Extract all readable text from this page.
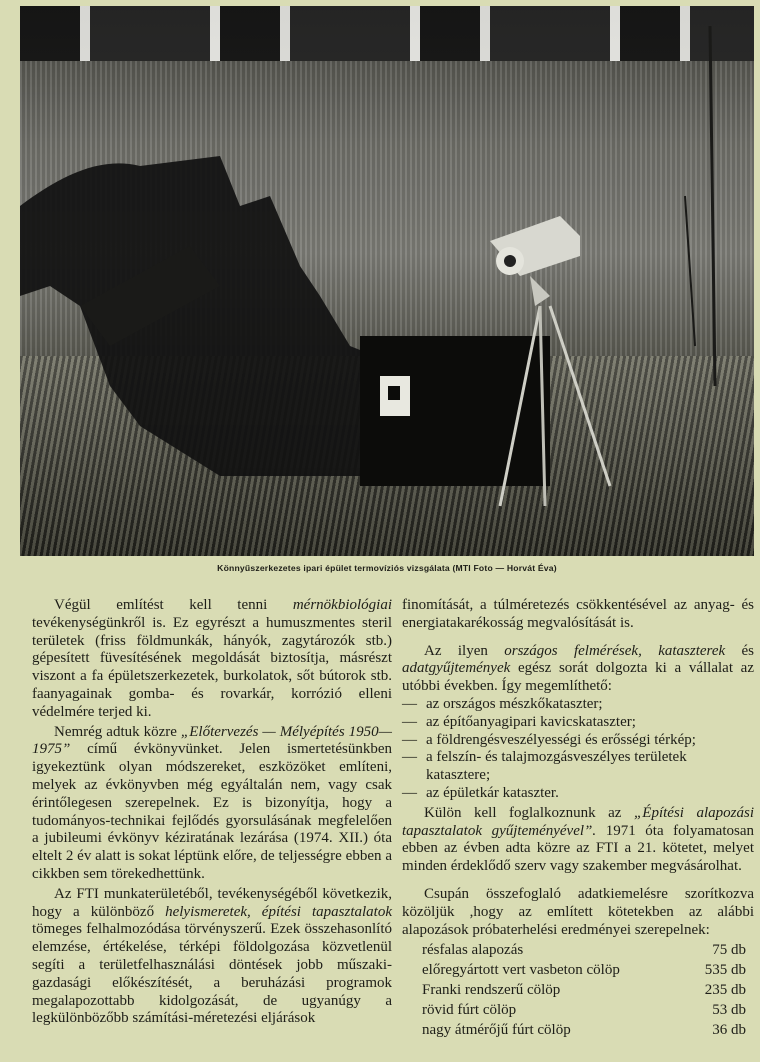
Könnyűszerkezetes ipari épület termovíziós vizsgálata (MTI Foto — Horvát Éva)

Végül említést kell tenni mérnökbiológiai tevékenységünkről is. Ez egyrészt a humuszmentes steril területek (friss földmunkák, hányók, zagytározók stb.) gépesített füvesítésének megoldását biztosítja, másrészt viszont a fa épületszerkezetek, burkolatok, sőt bútorok stb. faanyagainak gomba- és rovarkár, korrózió elleni védelmére terjed ki.

Nemrég adtuk közre „Előtervezés — Mélyépítés 1950—1975” című évkönyvünket. Jelen ismertetésünkben igyekeztünk olyan módszereket, eszközöket említeni, melyek az évkönyvben még egyáltalán nem, vagy csak érintőlegesen szerepelnek. Ez is bizonyítja, hogy a tudományos-technikai fejlődés gyorsulásának megfelelően a jubileumi évkönyv kéziratának lezárása (1974. XII.) óta eltelt 2 év alatt is sokat léptünk előre, de teljességre ebben a cikkben sem törekedhettünk.

Az FTI munkaterületéből, tevékenységéből következik, hogy a különböző helyismeretek, építési tapasztalatok tömeges felhalmozódása törvényszerű. Ezek összehasonlító elemzése, értékelése, térképi földolgozása közvetlenül segíti a területfelhasználási döntések jobb műszaki-gazdasági előkészítését, a beruházási programok megalapozottabb kidolgozását, de ugyanúgy a legkülönbözőbb számítási-méretezési eljárások

finomítását, a túlméretezés csökkentésével az anyag- és energiatakarékosság megvalósítását is.

Az ilyen országos felmérések, kataszterek és adatgyűjtemények egész sorát dolgozta ki a vállalat az utóbbi években. Így megemlíthető:

— az országos mészkőkataszter;
— az építőanyagipari kavicskataszter;
— a földrengésveszélyességi és erősségi térkép;
— a felszín- és talajmozgásveszélyes területek katasztere;
— az épületkár kataszter.

Külön kell foglalkoznunk az „Építési alapozási tapasztalatok gyűjteményével”. 1971 óta folyamatosan ebben az évben adta közre az FTI a 21. kötetet, melyet minden érdeklődő szerv vagy szakember megvásárolhat.

Csupán összefoglaló adatkiemelésre szorítkozva közöljük ,hogy az említett kötetekben az alábbi alapozások próbaterhelési eredményei szerepelnek:

résfalas alapozás	75 db
előregyártott vert vasbeton cölöp	535 db
Franki rendszerű cölöp	235 db
rövid fúrt cölöp	53 db
nagy átmérőjű fúrt cölöp	36 db
